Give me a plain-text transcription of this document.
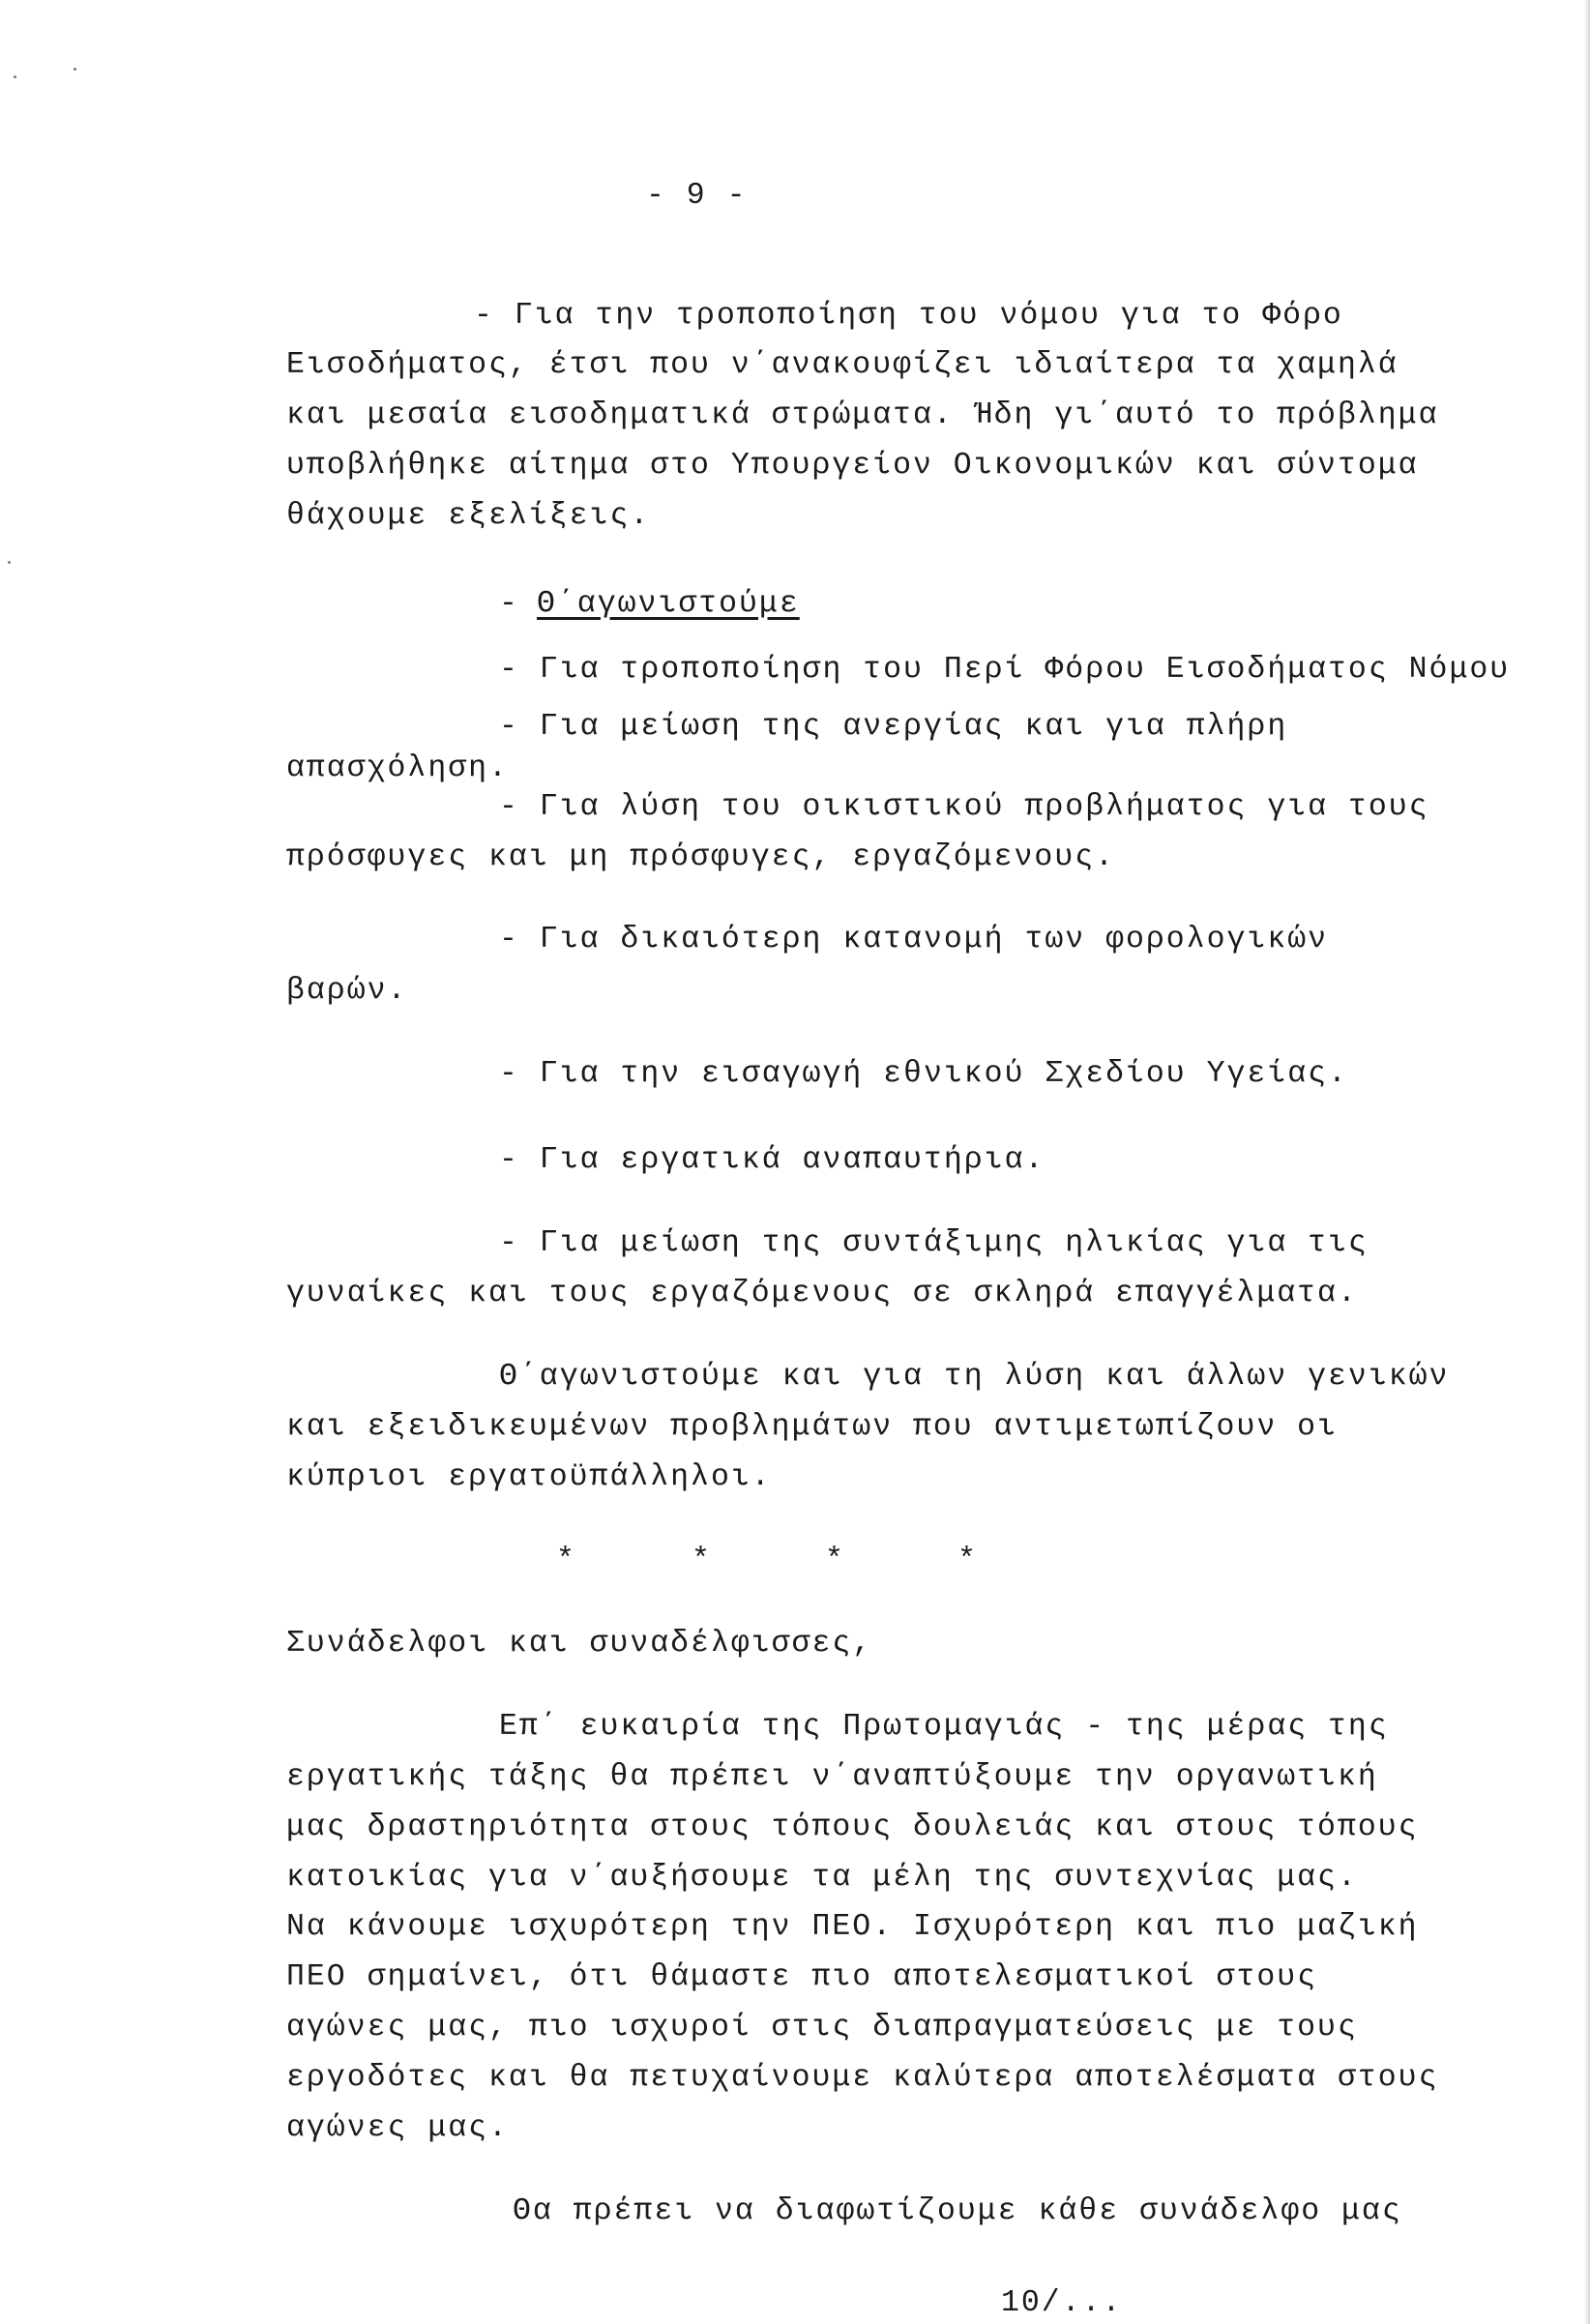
- 9 -
- Για την τροποποίηση του νόμου για το Φόρο
Εισοδήματος, έτσι που ν΄ανακουφίζει ιδιαίτερα τα χαμηλά
και μεσαία εισοδηματικά στρώματα. Ήδη γι΄αυτό το πρόβλημα
υποβλήθηκε αίτημα στο Υπουργείον Οικονομικών και σύντομα
θάχουμε εξελίξεις.
- Θ΄αγωνιστούμε
- Για τροποποίηση του Περί Φόρου Εισοδήματος Νόμου
- Για μείωση της ανεργίας και για πλήρη
απασχόληση.
- Για λύση του οικιστικού προβλήματος για τους
πρόσφυγες και μη πρόσφυγες, εργαζόμενους.
- Για δικαιότερη κατανομή των φορολογικών
βαρών.
- Για την εισαγωγή εθνικού Σχεδίου Υγείας.
- Για εργατικά αναπαυτήρια.
- Για μείωση της συντάξιμης ηλικίας για τις
γυναίκες και τους εργαζόμενους σε σκληρά επαγγέλματα.
Θ΄αγωνιστούμε και για τη λύση και άλλων γενικών
και εξειδικευμένων προβλημάτων που αντιμετωπίζουν οι
κύπριοι εργατοϋπάλληλοι.
*	*	*	*
Συνάδελφοι και συναδέλφισσες,
Επ΄ ευκαιρία της Πρωτομαγιάς - της μέρας της
εργατικής τάξης θα πρέπει ν΄αναπτύξουμε την οργανωτική
μας δραστηριότητα στους τόπους δουλειάς και στους τόπους
κατοικίας για ν΄αυξήσουμε τα μέλη της συντεχνίας μας.
Να κάνουμε ισχυρότερη την ΠΕΟ. Ισχυρότερη και πιο μαζική
ΠΕΟ σημαίνει, ότι θάμαστε πιο αποτελεσματικοί στους
αγώνες μας, πιο ισχυροί στις διαπραγματεύσεις με τους
εργοδότες και θα πετυχαίνουμε καλύτερα αποτελέσματα στους
αγώνες μας.
Θα πρέπει να διαφωτίζουμε κάθε συνάδελφο μας
10/...
